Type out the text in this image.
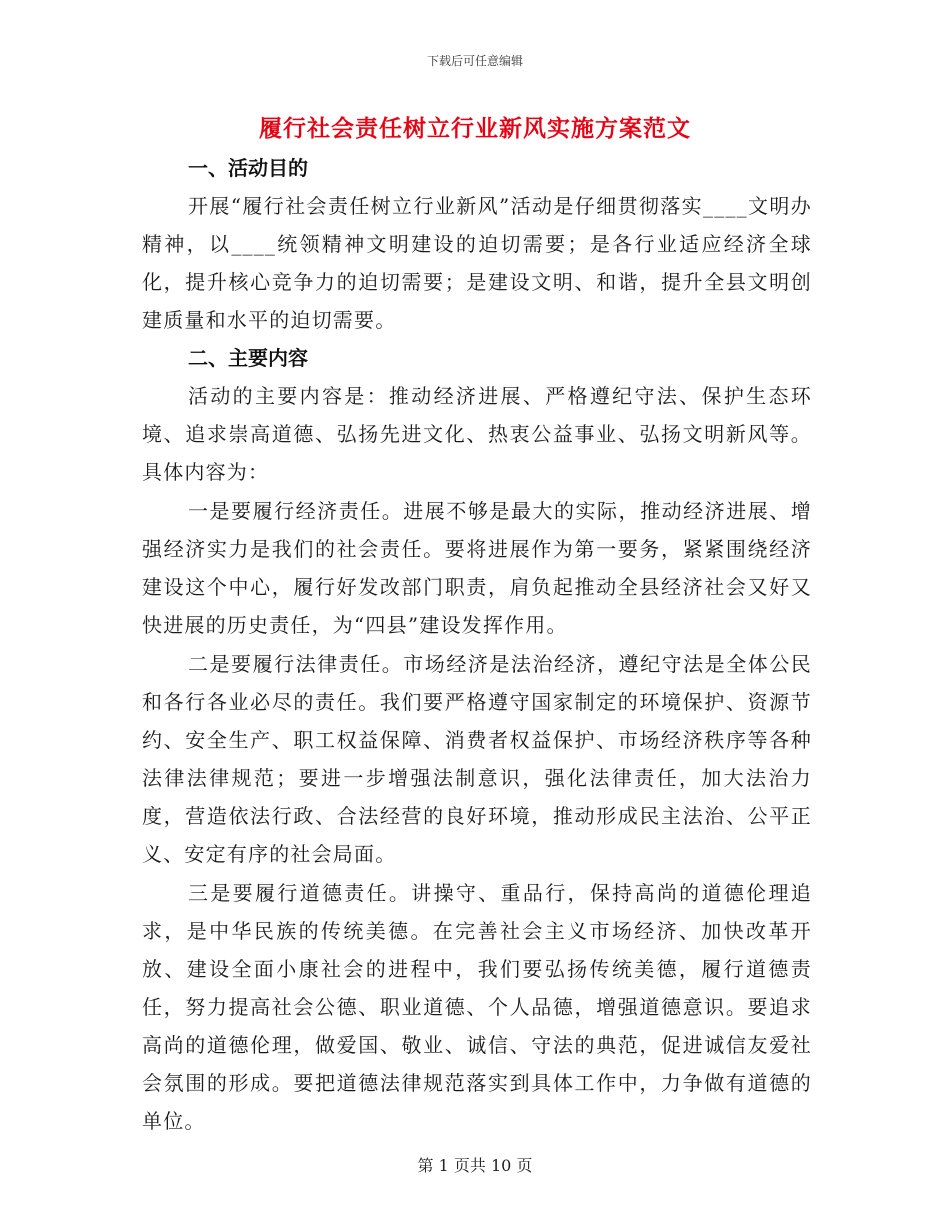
下载后可任意编辑
履行社会责任树立行业新风实施方案范文
一、活动目的

开展“履行社会责任树立行业新风”活动是仔细贯彻落实____文明办精神，以____统领精神文明建设的迫切需要；是各行业适应经济全球化，提升核心竞争力的迫切需要；是建设文明、和谐，提升全县文明创建质量和水平的迫切需要。

二、主要内容

活动的主要内容是：推动经济进展、严格遵纪守法、保护生态环境、追求崇高道德、弘扬先进文化、热衷公益事业、弘扬文明新风等。具体内容为：

一是要履行经济责任。进展不够是最大的实际，推动经济进展、增强经济实力是我们的社会责任。要将进展作为第一要务，紧紧围绕经济建设这个中心，履行好发改部门职责，肩负起推动全县经济社会又好又快进展的历史责任，为“四县”建设发挥作用。

二是要履行法律责任。市场经济是法治经济，遵纪守法是全体公民和各行各业必尽的责任。我们要严格遵守国家制定的环境保护、资源节约、安全生产、职工权益保障、消费者权益保护、市场经济秩序等各种法律法律规范；要进一步增强法制意识，强化法律责任，加大法治力度，营造依法行政、合法经营的良好环境，推动形成民主法治、公平正义、安定有序的社会局面。

三是要履行道德责任。讲操守、重品行，保持高尚的道德伦理追求，是中华民族的传统美德。在完善社会主义市场经济、加快改革开放、建设全面小康社会的进程中，我们要弘扬传统美德，履行道德责任，努力提高社会公德、职业道德、个人品德，增强道德意识。要追求高尚的道德伦理，做爱国、敬业、诚信、守法的典范，促进诚信友爱社会氛围的形成。要把道德法律规范落实到具体工作中，力争做有道德的单位。

第 1 页共 10 页
